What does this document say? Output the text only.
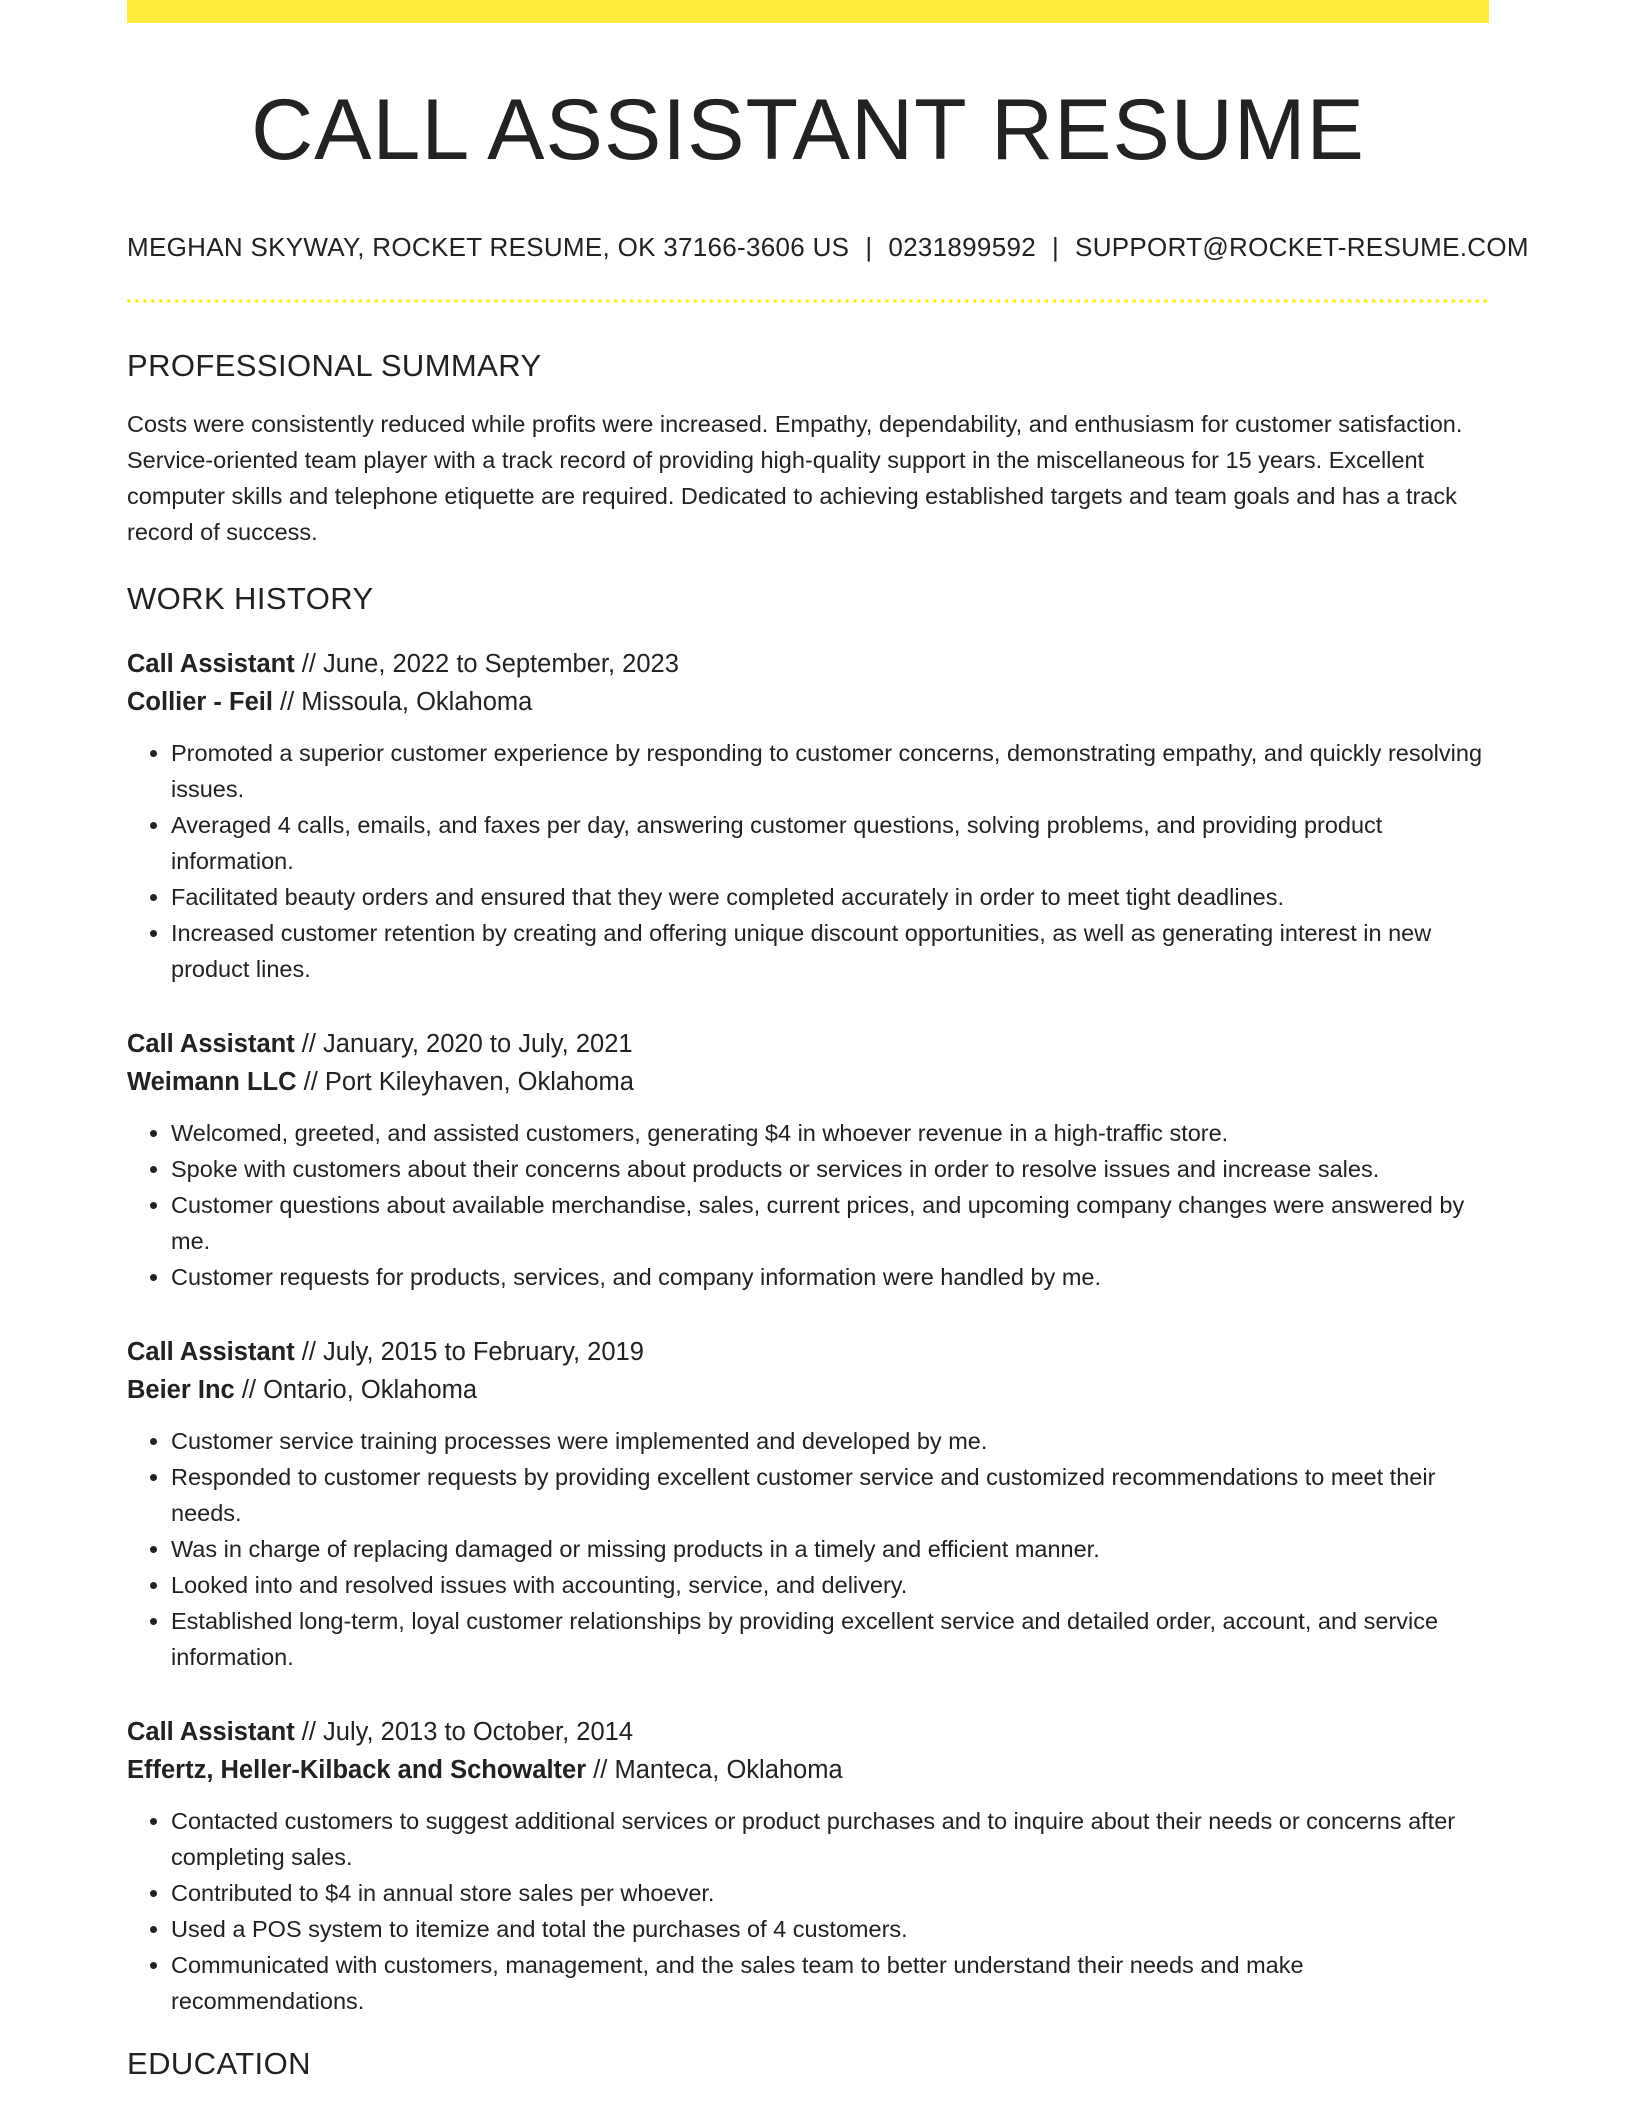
CALL ASSISTANT RESUME
MEGHAN SKYWAY, ROCKET RESUME, OK 37166-3606 US | 0231899592 | SUPPORT@ROCKET-RESUME.COM
PROFESSIONAL SUMMARY

Costs were consistently reduced while profits were increased. Empathy, dependability, and enthusiasm for customer satisfaction. Service-oriented team player with a track record of providing high-quality support in the miscellaneous for 15 years. Excellent computer skills and telephone etiquette are required. Dedicated to achieving established targets and team goals and has a track record of success.

WORK HISTORY
Call Assistant // June, 2022 to September, 2023
Collier - Feil // Missoula, Oklahoma
• Promoted a superior customer experience by responding to customer concerns, demonstrating empathy, and quickly resolving issues.
• Averaged 4 calls, emails, and faxes per day, answering customer questions, solving problems, and providing product information.
• Facilitated beauty orders and ensured that they were completed accurately in order to meet tight deadlines.
• Increased customer retention by creating and offering unique discount opportunities, as well as generating interest in new product lines.
Call Assistant // January, 2020 to July, 2021
Weimann LLC // Port Kileyhaven, Oklahoma
• Welcomed, greeted, and assisted customers, generating $4 in whoever revenue in a high-traffic store.
• Spoke with customers about their concerns about products or services in order to resolve issues and increase sales.
• Customer questions about available merchandise, sales, current prices, and upcoming company changes were answered by me.
• Customer requests for products, services, and company information were handled by me.
Call Assistant // July, 2015 to February, 2019
Beier Inc // Ontario, Oklahoma
• Customer service training processes were implemented and developed by me.
• Responded to customer requests by providing excellent customer service and customized recommendations to meet their needs.
• Was in charge of replacing damaged or missing products in a timely and efficient manner.
• Looked into and resolved issues with accounting, service, and delivery.
• Established long-term, loyal customer relationships by providing excellent service and detailed order, account, and service information.
Call Assistant // July, 2013 to October, 2014
Effertz, Heller-Kilback and Schowalter // Manteca, Oklahoma
• Contacted customers to suggest additional services or product purchases and to inquire about their needs or concerns after completing sales.
• Contributed to $4 in annual store sales per whoever.
• Used a POS system to itemize and total the purchases of 4 customers.
• Communicated with customers, management, and the sales team to better understand their needs and make recommendations.
EDUCATION
